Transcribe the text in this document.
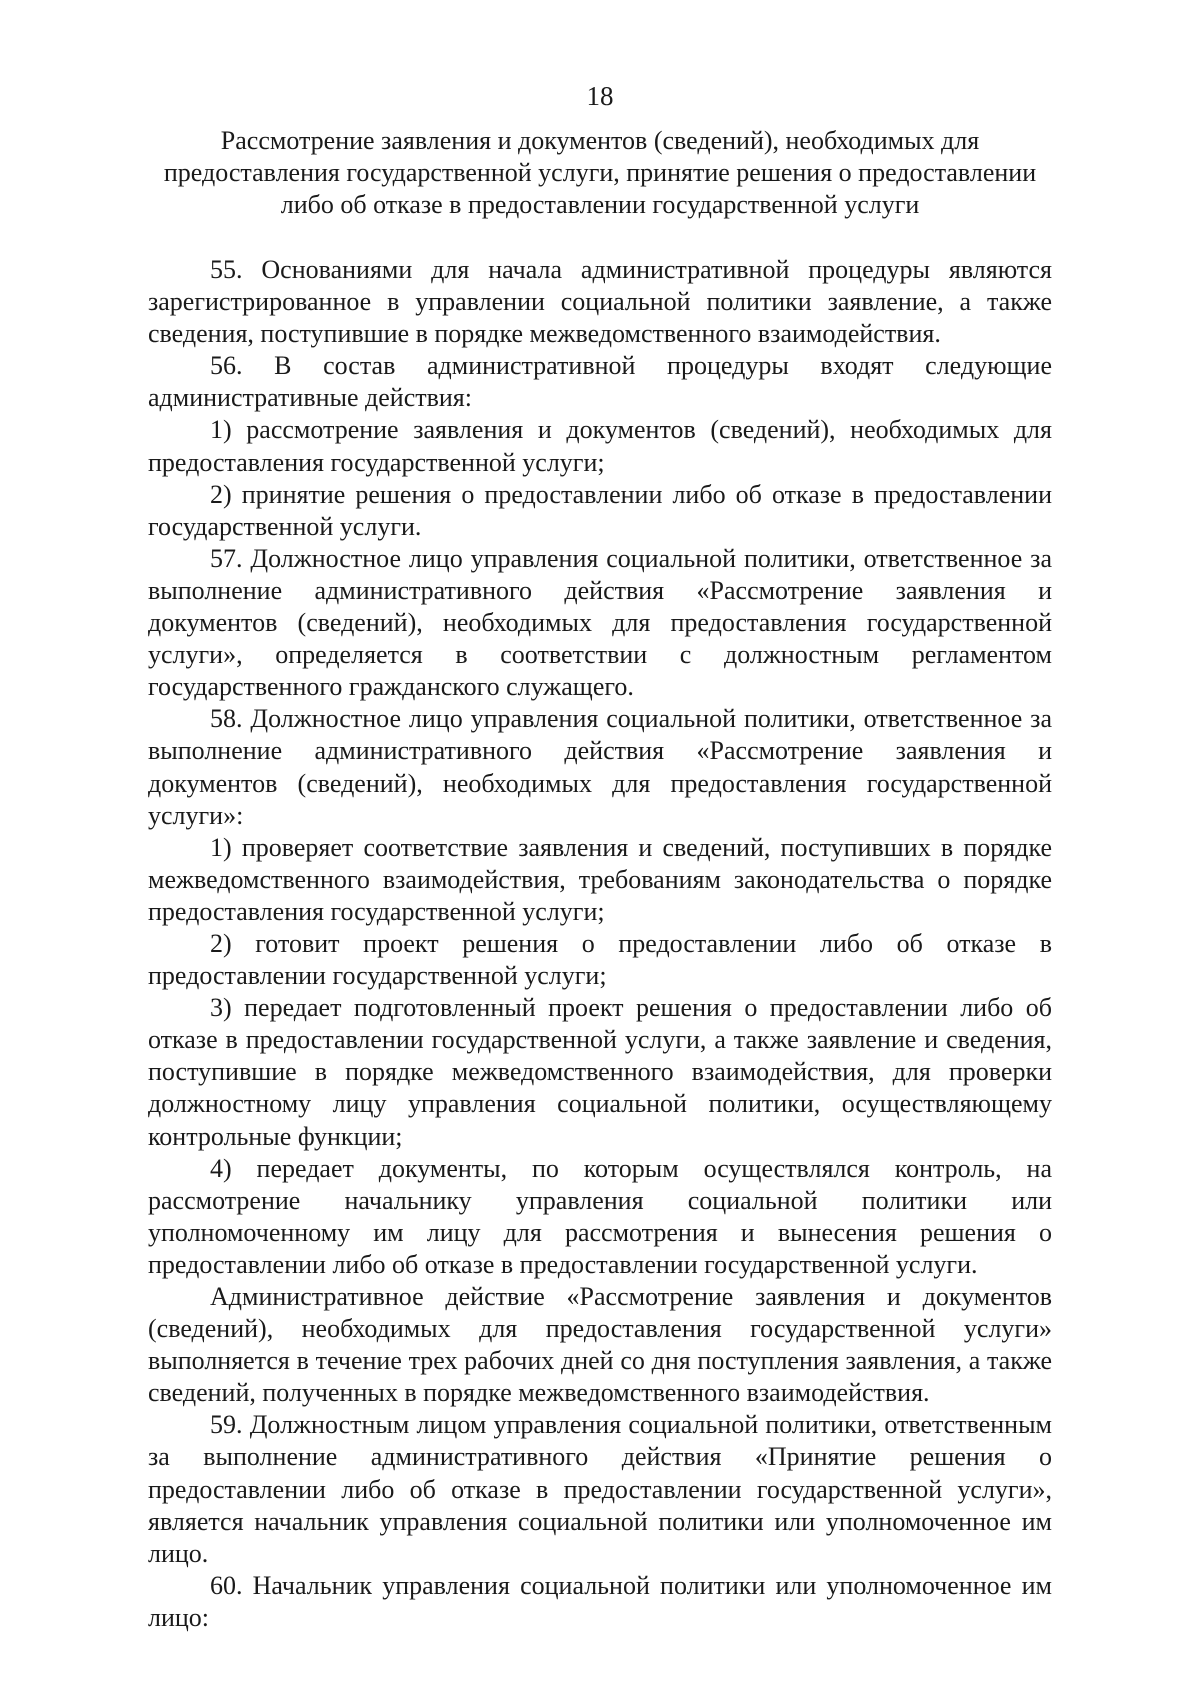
18
Рассмотрение заявления и документов (сведений), необходимых для предоставления государственной услуги, принятие решения о предоставлении либо об отказе в предоставлении государственной услуги

55. Основаниями для начала административной процедуры являются зарегистрированное в управлении социальной политики заявление, а также сведения, поступившие в порядке межведомственного взаимодействия.

56. В состав административной процедуры входят следующие административные действия:

1) рассмотрение заявления и документов (сведений), необходимых для предоставления государственной услуги;

2) принятие решения о предоставлении либо об отказе в предоставлении государственной услуги.

57. Должностное лицо управления социальной политики, ответственное за выполнение административного действия «Рассмотрение заявления и документов (сведений), необходимых для предоставления государственной услуги», определяется в соответствии с должностным регламентом государственного гражданского служащего.

58. Должностное лицо управления социальной политики, ответственное за выполнение административного действия «Рассмотрение заявления и документов (сведений), необходимых для предоставления государственной услуги»:

1) проверяет соответствие заявления и сведений, поступивших в порядке межведомственного взаимодействия, требованиям законодательства о порядке предоставления государственной услуги;

2) готовит проект решения о предоставлении либо об отказе в предоставлении государственной услуги;

3) передает подготовленный проект решения о предоставлении либо об отказе в предоставлении государственной услуги, а также заявление и сведения, поступившие в порядке межведомственного взаимодействия, для проверки должностному лицу управления социальной политики, осуществляющему контрольные функции;

4) передает документы, по которым осуществлялся контроль, на рассмотрение начальнику управления социальной политики или уполномоченному им лицу для рассмотрения и вынесения решения о предоставлении либо об отказе в предоставлении государственной услуги.

Административное действие «Рассмотрение заявления и документов (сведений), необходимых для предоставления государственной услуги» выполняется в течение трех рабочих дней со дня поступления заявления, а также сведений, полученных в порядке межведомственного взаимодействия.

59. Должностным лицом управления социальной политики, ответственным за выполнение административного действия «Принятие решения о предоставлении либо об отказе в предоставлении государственной услуги», является начальник управления социальной политики или уполномоченное им лицо.

60. Начальник управления социальной политики или уполномоченное им лицо:
